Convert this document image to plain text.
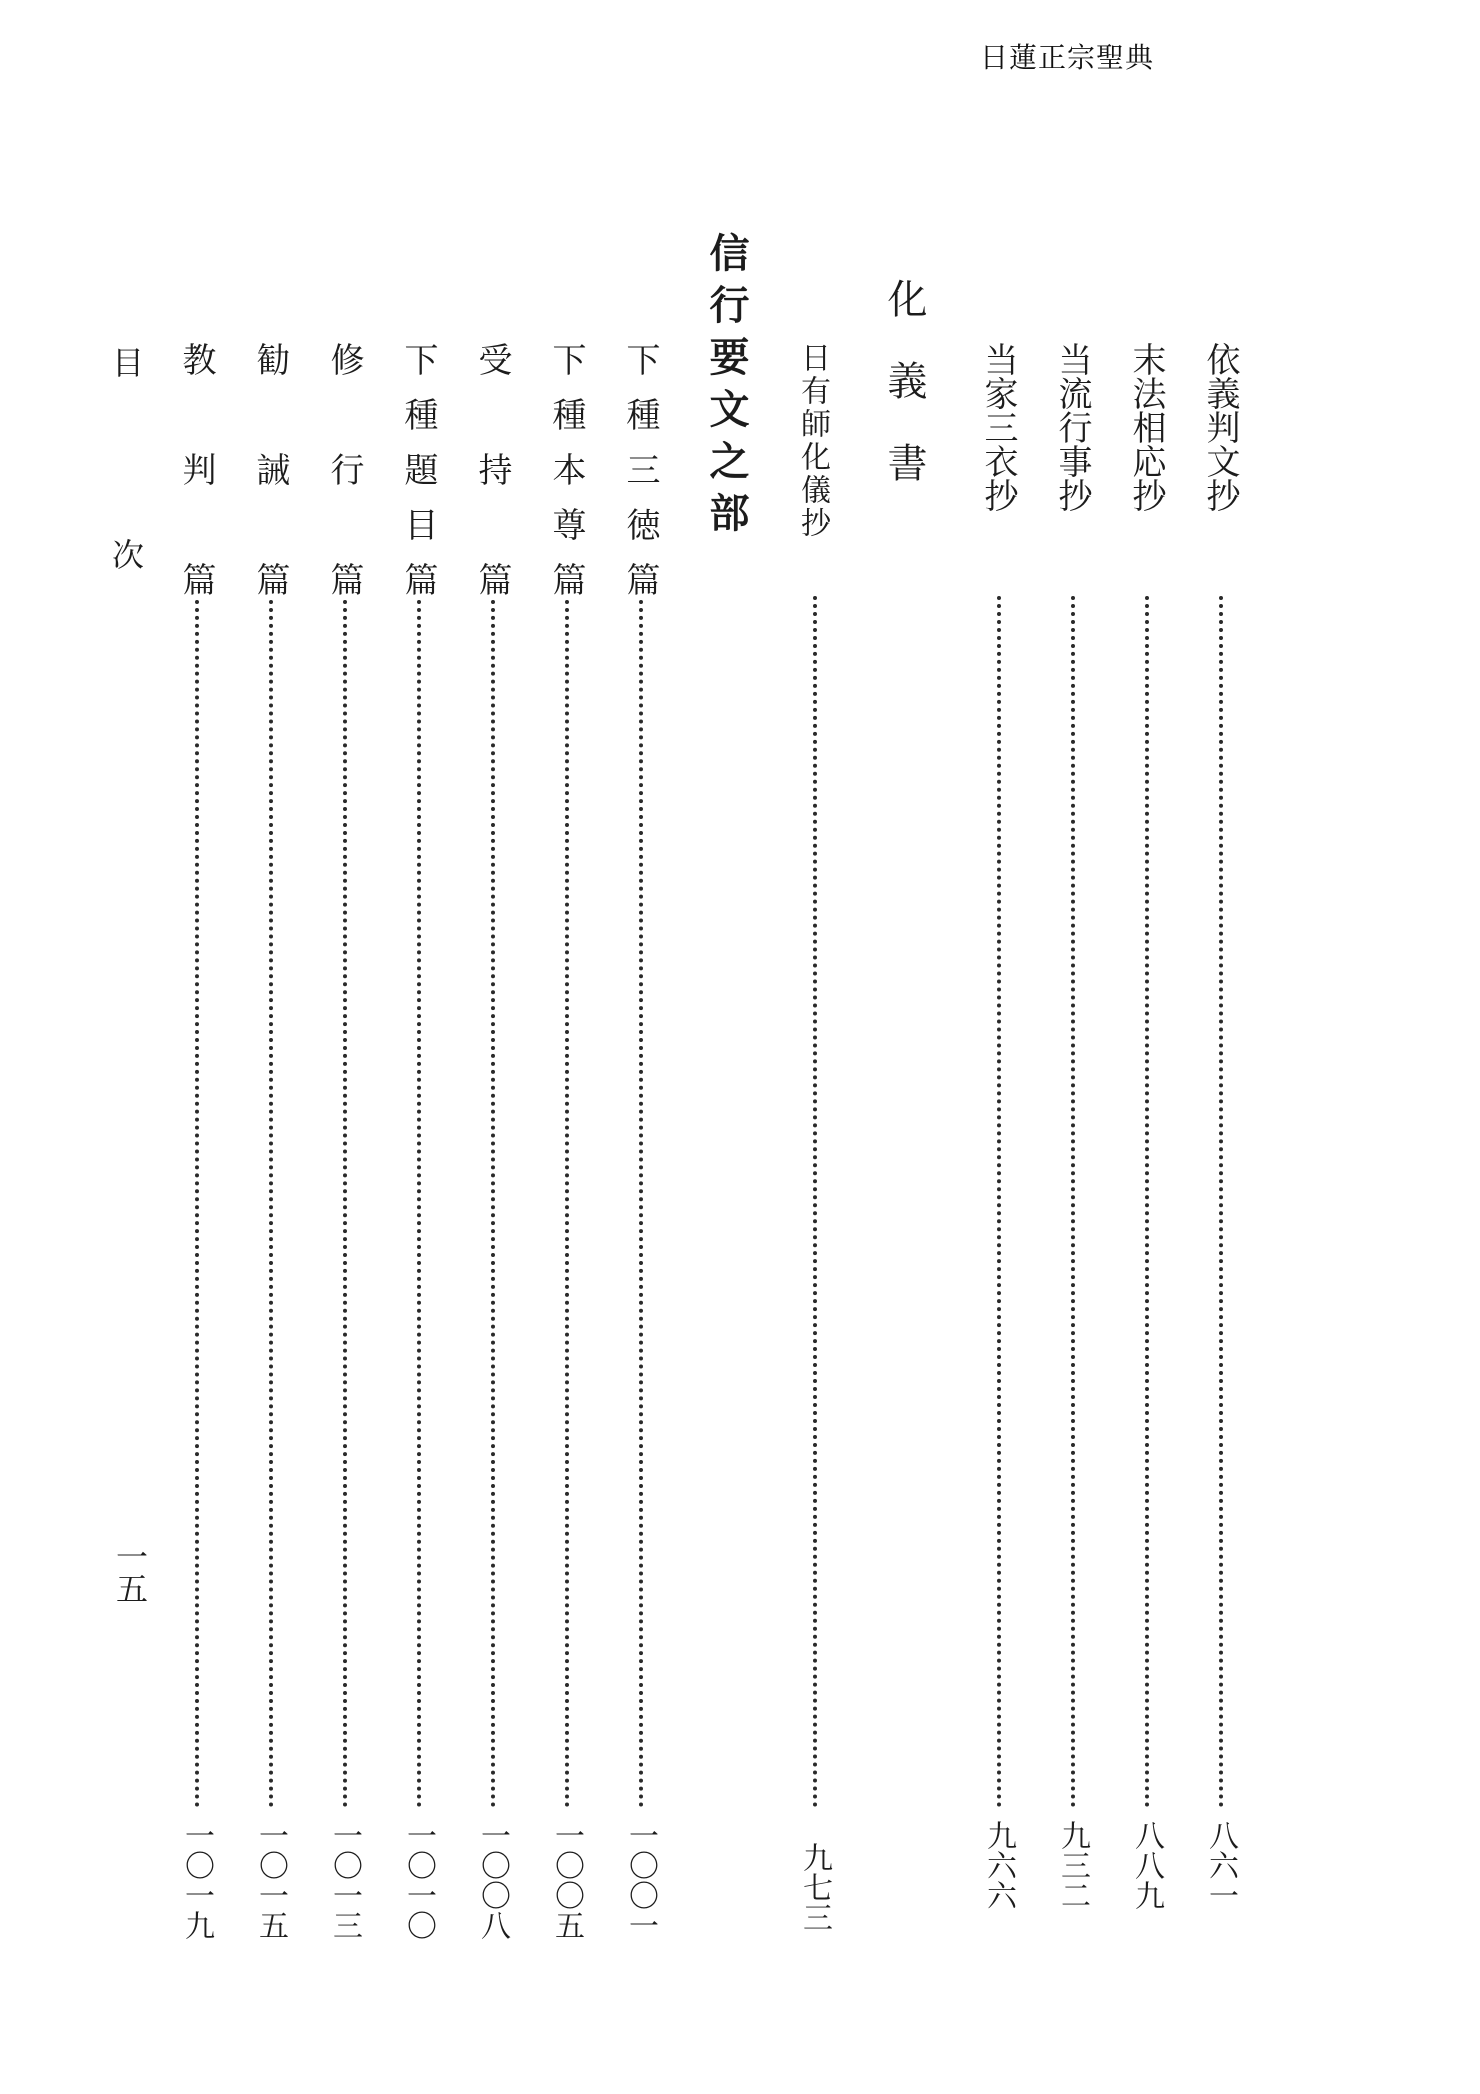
日蓮正宗聖典
依義判文抄
八六一
末法相応抄
八八九
当流行事抄
九三二
当家三衣抄
九六六
化義書
日有師化儀抄
九七三
信行要文之部
下種三徳篇
一〇〇一
下種本尊篇
一〇〇五
受持篇
一〇〇八
下種題目篇
一〇一〇
修行篇
一〇一三
勧誡篇
一〇一五
教判篇
一〇一九
目次
一五
